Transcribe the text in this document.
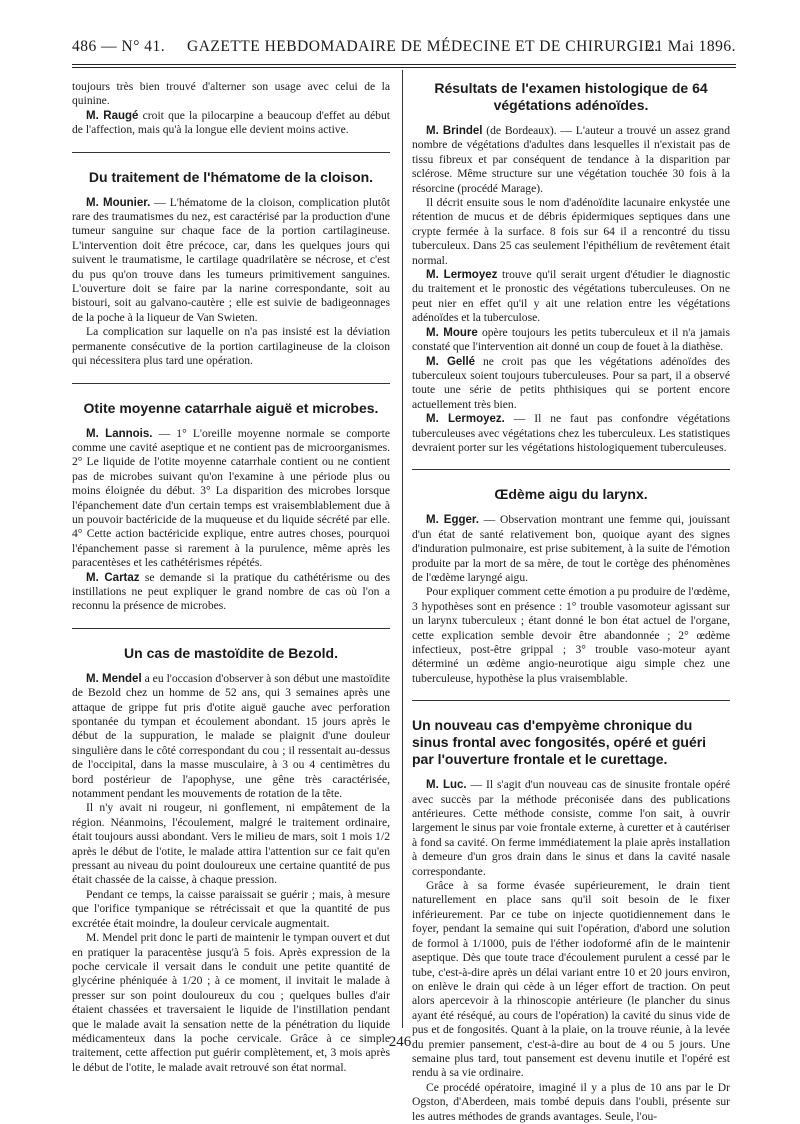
486 — N° 41. GAZETTE HEBDOMADAIRE DE MÉDECINE ET DE CHIRURGIE.
21 Mai 1896.

toujours très bien trouvé d'alterner son usage avec celui de la quinine.

M. Raugé croit que la pilocarpine a beaucoup d'effet au début de l'affection, mais qu'à la longue elle devient moins active.

Du traitement de l'hématome de la cloison.

M. Mounier. — L'hématome de la cloison, complication plutôt rare des traumatismes du nez, est caractérisé par la production d'une tumeur sanguine sur chaque face de la portion cartilagineuse. L'intervention doit être précoce, car, dans les quelques jours qui suivent le traumatisme, le cartilage quadrilatère se nécrose, et c'est du pus qu'on trouve dans les tumeurs primitivement sanguines. L'ouverture doit se faire par la narine correspondante, soit au bistouri, soit au galvano-cautère ; elle est suivie de badigeonnages de la poche à la liqueur de Van Swieten.

La complication sur laquelle on n'a pas insisté est la déviation permanente consécutive de la portion cartilagineuse de la cloison qui nécessitera plus tard une opération.

Otite moyenne catarrhale aiguë et microbes.

M. Lannois. — 1° L'oreille moyenne normale se comporte comme une cavité aseptique et ne contient pas de microorganismes. 2° Le liquide de l'otite moyenne catarrhale contient ou ne contient pas de microbes suivant qu'on l'examine à une période plus ou moins éloignée du début. 3° La disparition des microbes lorsque l'épanchement date d'un certain temps est vraisemblablement due à un pouvoir bactéricide de la muqueuse et du liquide sécrété par elle. 4° Cette action bactéricide explique, entre autres choses, pourquoi l'épanchement passe si rarement à la purulence, même après les paracentèses et les cathétérismes répétés.

M. Cartaz se demande si la pratique du cathétérisme ou des instillations ne peut expliquer le grand nombre de cas où l'on a reconnu la présence de microbes.

Un cas de mastoïdite de Bezold.

M. Mendel a eu l'occasion d'observer à son début une mastoïdite de Bezold chez un homme de 52 ans, qui 3 semaines après une attaque de grippe fut pris d'otite aiguë gauche avec perforation spontanée du tympan et écoulement abondant. 15 jours après le début de la suppuration, le malade se plaignit d'une douleur singulière dans le côté correspondant du cou ; il ressentait au-dessus de l'occipital, dans la masse musculaire, à 3 ou 4 centimètres du bord postérieur de l'apophyse, une gêne très caractérisée, notamment pendant les mouvements de rotation de la tête.

Il n'y avait ni rougeur, ni gonflement, ni empâtement de la région. Néanmoins, l'écoulement, malgré le traitement ordinaire, était toujours aussi abondant. Vers le milieu de mars, soit 1 mois 1/2 après le début de l'otite, le malade attira l'attention sur ce fait qu'en pressant au niveau du point douloureux une certaine quantité de pus était chassée de la caisse, à chaque pression.

Pendant ce temps, la caisse paraissait se guérir ; mais, à mesure que l'orifice tympanique se rétrécissait et que la quantité de pus excrétée était moindre, la douleur cervicale augmentait.

M. Mendel prit donc le parti de maintenir le tympan ouvert et dut en pratiquer la paracentèse jusqu'à 5 fois. Après expression de la poche cervicale il versait dans le conduit une petite quantité de glycérine phéniquée à 1/20 ; à ce moment, il invitait le malade à presser sur son point douloureux du cou ; quelques bulles d'air étaient chassées et traversaient le liquide de l'instillation pendant que le malade avait la sensation nette de la pénétration du liquide médicamenteux dans la poche cervicale. Grâce à ce simple traitement, cette affection put guérir complètement, et, 3 mois après le début de l'otite, le malade avait retrouvé son état normal.

Résultats de l'examen histologique de 64 végétations adénoïdes.

M. Brindel (de Bordeaux). — L'auteur a trouvé un assez grand nombre de végétations d'adultes dans lesquelles il n'existait pas de tissu fibreux et par conséquent de tendance à la disparition par sclérose. Même structure sur une végétation touchée 30 fois à la résorcine (procédé Marage).

Il décrit ensuite sous le nom d'adénoïdite lacunaire enkystée une rétention de mucus et de débris épidermiques septiques dans une crypte fermée à la surface. 8 fois sur 64 il a rencontré du tissu tuberculeux. Dans 25 cas seulement l'épithélium de revêtement était normal.

M. Lermoyez trouve qu'il serait urgent d'étudier le diagnostic du traitement et le pronostic des végétations tuberculeuses. On ne peut nier en effet qu'il y ait une relation entre les végétations adénoïdes et la tuberculose.

M. Moure opère toujours les petits tuberculeux et il n'a jamais constaté que l'intervention ait donné un coup de fouet à la diathèse.

M. Gellé ne croit pas que les végétations adénoïdes des tuberculeux soient toujours tuberculeuses. Pour sa part, il a observé toute une série de petits phthisiques qui se portent encore actuellement très bien.

M. Lermoyez. — Il ne faut pas confondre végétations tuberculeuses avec végétations chez les tuberculeux. Les statistiques devraient porter sur les végétations histologiquement tuberculeuses.

Œdème aigu du larynx.

M. Egger. — Observation montrant une femme qui, jouissant d'un état de santé relativement bon, quoique ayant des signes d'induration pulmonaire, est prise subitement, à la suite de l'émotion produite par la mort de sa mère, de tout le cortège des phénomènes de l'œdème laryngé aigu.

Pour expliquer comment cette émotion a pu produire de l'œdème, 3 hypothèses sont en présence : 1° trouble vasomoteur agissant sur un larynx tuberculeux ; étant donné le bon état actuel de l'organe, cette explication semble devoir être abandonnée ; 2° œdème infectieux, post-être grippal ; 3° trouble vaso-moteur ayant déterminé un œdème angio-neurotique aigu simple chez une tuberculeuse, hypothèse la plus vraisemblable.

Un nouveau cas d'empyème chronique du sinus frontal avec fongosités, opéré et guéri par l'ouverture frontale et le curettage.

M. Luc. — Il s'agit d'un nouveau cas de sinusite frontale opéré avec succès par la méthode préconisée dans des publications antérieures. Cette méthode consiste, comme l'on sait, à ouvrir largement le sinus par voie frontale externe, à curetter et à cautériser à fond sa cavité. On ferme immédiatement la plaie après installation à demeure d'un gros drain dans le sinus et dans la cavité nasale correspondante.

Grâce à sa forme évasée supérieurement, le drain tient naturellement en place sans qu'il soit besoin de le fixer inférieurement. Par ce tube on injecte quotidiennement dans le foyer, pendant la semaine qui suit l'opération, d'abord une solution de formol à 1/1000, puis de l'éther iodoformé afin de le maintenir aseptique. Dès que toute trace d'écoulement purulent a cessé par le tube, c'est-à-dire après un délai variant entre 10 et 20 jours environ, on enlève le drain qui cède à un léger effort de traction. On peut alors apercevoir à la rhinoscopie antérieure (le plancher du sinus ayant été réséqué, au cours de l'opération) la cavité du sinus vide de pus et de fongosités. Quant à la plaie, on la trouve réunie, à la levée du premier pansement, c'est-à-dire au bout de 4 ou 5 jours. Une semaine plus tard, tout pansement est devenu inutile et l'opéré est rendu à sa vie ordinaire.

Ce procédé opératoire, imaginé il y a plus de 10 ans par le Dr Ogston, d'Aberdeen, mais tombé depuis dans l'oubli, présente sur les autres méthodes de grands avantages. Seule, l'ou-

246
